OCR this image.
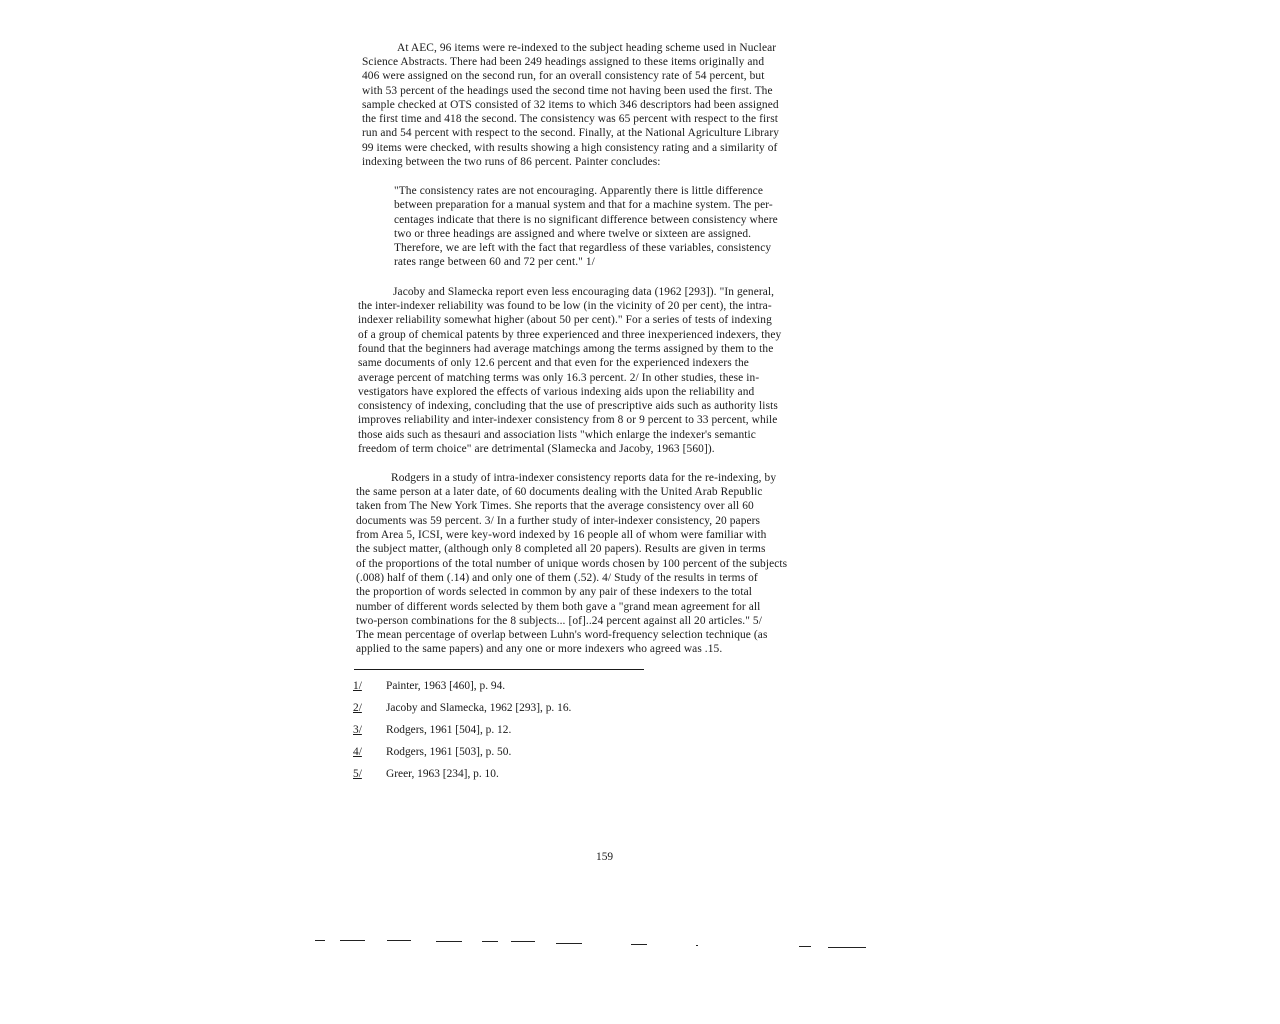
At AEC, 96 items were re-indexed to the subject heading scheme used in Nuclear
Science Abstracts. There had been 249 headings assigned to these items originally and
406 were assigned on the second run, for an overall consistency rate of 54 percent, but
with 53 percent of the headings used the second time not having been used the first. The
sample checked at OTS consisted of 32 items to which 346 descriptors had been assigned
the first time and 418 the second. The consistency was 65 percent with respect to the first
run and 54 percent with respect to the second. Finally, at the National Agriculture Library
99 items were checked, with results showing a high consistency rating and a similarity of
indexing between the two runs of 86 percent. Painter concludes:
"The consistency rates are not encouraging. Apparently there is little difference
between preparation for a manual system and that for a machine system. The per-
centages indicate that there is no significant difference between consistency where
two or three headings are assigned and where twelve or sixteen are assigned.
Therefore, we are left with the fact that regardless of these variables, consistency
rates range between 60 and 72 per cent." 1/
Jacoby and Slamecka report even less encouraging data (1962 [293]). "In general,
the inter-indexer reliability was found to be low (in the vicinity of 20 per cent), the intra-
indexer reliability somewhat higher (about 50 per cent)." For a series of tests of indexing
of a group of chemical patents by three experienced and three inexperienced indexers, they
found that the beginners had average matchings among the terms assigned by them to the
same documents of only 12.6 percent and that even for the experienced indexers the
average percent of matching terms was only 16.3 percent. 2/ In other studies, these in-
vestigators have explored the effects of various indexing aids upon the reliability and
consistency of indexing, concluding that the use of prescriptive aids such as authority lists
improves reliability and inter-indexer consistency from 8 or 9 percent to 33 percent, while
those aids such as thesauri and association lists "which enlarge the indexer's semantic
freedom of term choice" are detrimental (Slamecka and Jacoby, 1963 [560]).
Rodgers in a study of intra-indexer consistency reports data for the re-indexing, by
the same person at a later date, of 60 documents dealing with the United Arab Republic
taken from The New York Times. She reports that the average consistency over all 60
documents was 59 percent. 3/ In a further study of inter-indexer consistency, 20 papers
from Area 5, ICSI, were key-word indexed by 16 people all of whom were familiar with
the subject matter, (although only 8 completed all 20 papers). Results are given in terms
of the proportions of the total number of unique words chosen by 100 percent of the subjects
(.008) half of them (.14) and only one of them (.52). 4/ Study of the results in terms of
the proportion of words selected in common by any pair of these indexers to the total
number of different words selected by them both gave a "grand mean agreement for all
two-person combinations for the 8 subjects... [of]..24 percent against all 20 articles." 5/
The mean percentage of overlap between Luhn's word-frequency selection technique (as
applied to the same papers) and any one or more indexers who agreed was .15.
1/ Painter, 1963 [460], p. 94.
2/ Jacoby and Slamecka, 1962 [293], p. 16.
3/ Rodgers, 1961 [504], p. 12.
4/ Rodgers, 1961 [503], p. 50.
5/ Greer, 1963 [234], p. 10.
159
